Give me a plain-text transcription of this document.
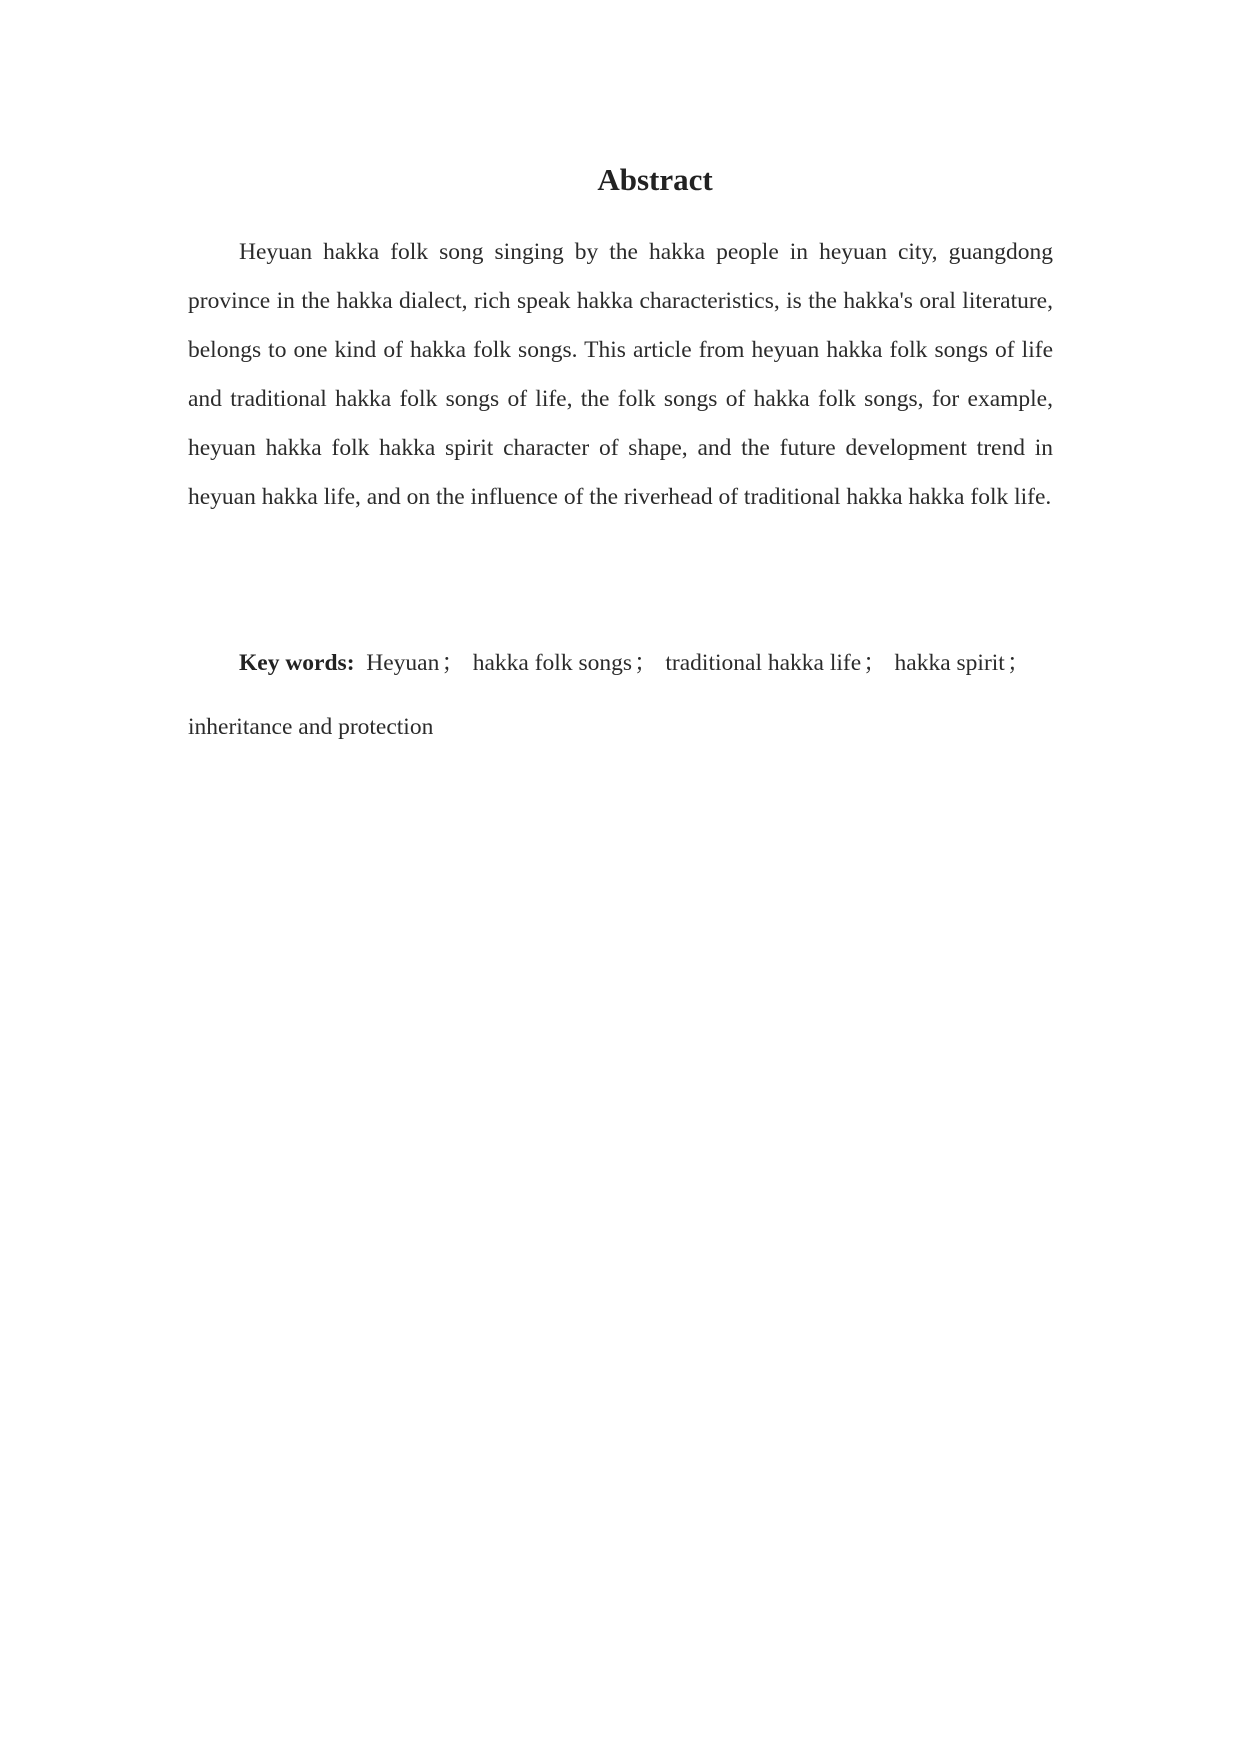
Abstract

Heyuan hakka folk song singing by the hakka people in heyuan city, guangdong province in the hakka dialect, rich speak hakka characteristics, is the hakka's oral literature, belongs to one kind of hakka folk songs. This article from heyuan hakka folk songs of life and traditional hakka folk songs of life, the folk songs of hakka folk songs, for example, heyuan hakka folk hakka spirit character of shape, and the future development trend in heyuan hakka life, and on the influence of the riverhead of traditional hakka hakka folk life.

Key words: Heyuan； hakka folk songs； traditional hakka life； hakka spirit； inheritance and protection
